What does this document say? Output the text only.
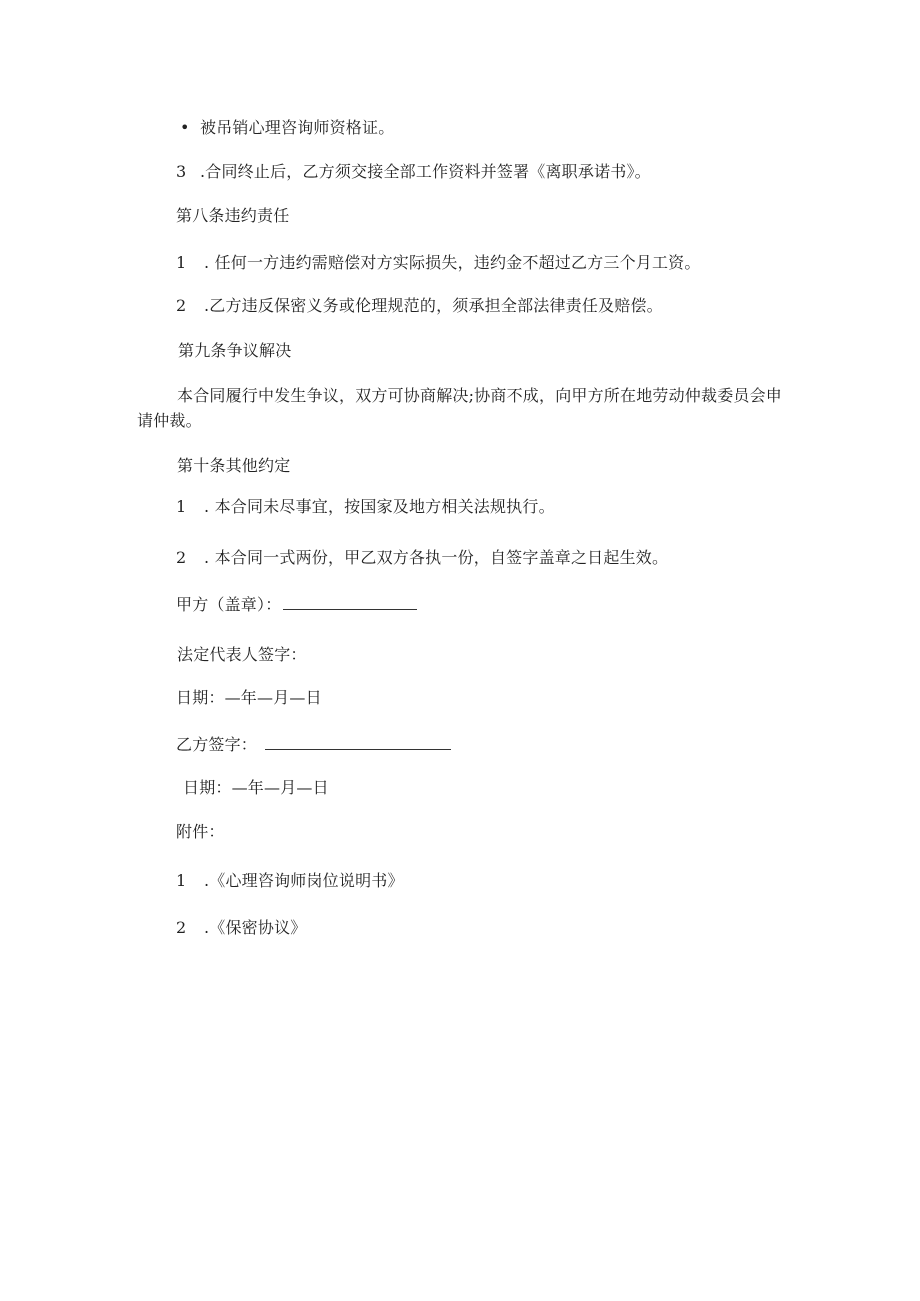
• 被吊销心理咨询师资格证。
3 .合同终止后，乙方须交接全部工作资料并签署《离职承诺书》。
第八条违约责任
1 . 任何一方违约需赔偿对方实际损失，违约金不超过乙方三个月工资。
2 .乙方违反保密义务或伦理规范的，须承担全部法律责任及赔偿。
第九条争议解决
本合同履行中发生争议，双方可协商解决;协商不成，向甲方所在地劳动仲裁委员会申请仲裁。
第十条其他约定
1 . 本合同未尽事宜，按国家及地方相关法规执行。
2 . 本合同一式两份，甲乙双方各执一份，自签字盖章之日起生效。
甲方（盖章）：
法定代表人签字：
日期：—年—月—日
乙方签字：
日期：—年—月—日
附件：
1 .《心理咨询师岗位说明书》
2 .《保密协议》
